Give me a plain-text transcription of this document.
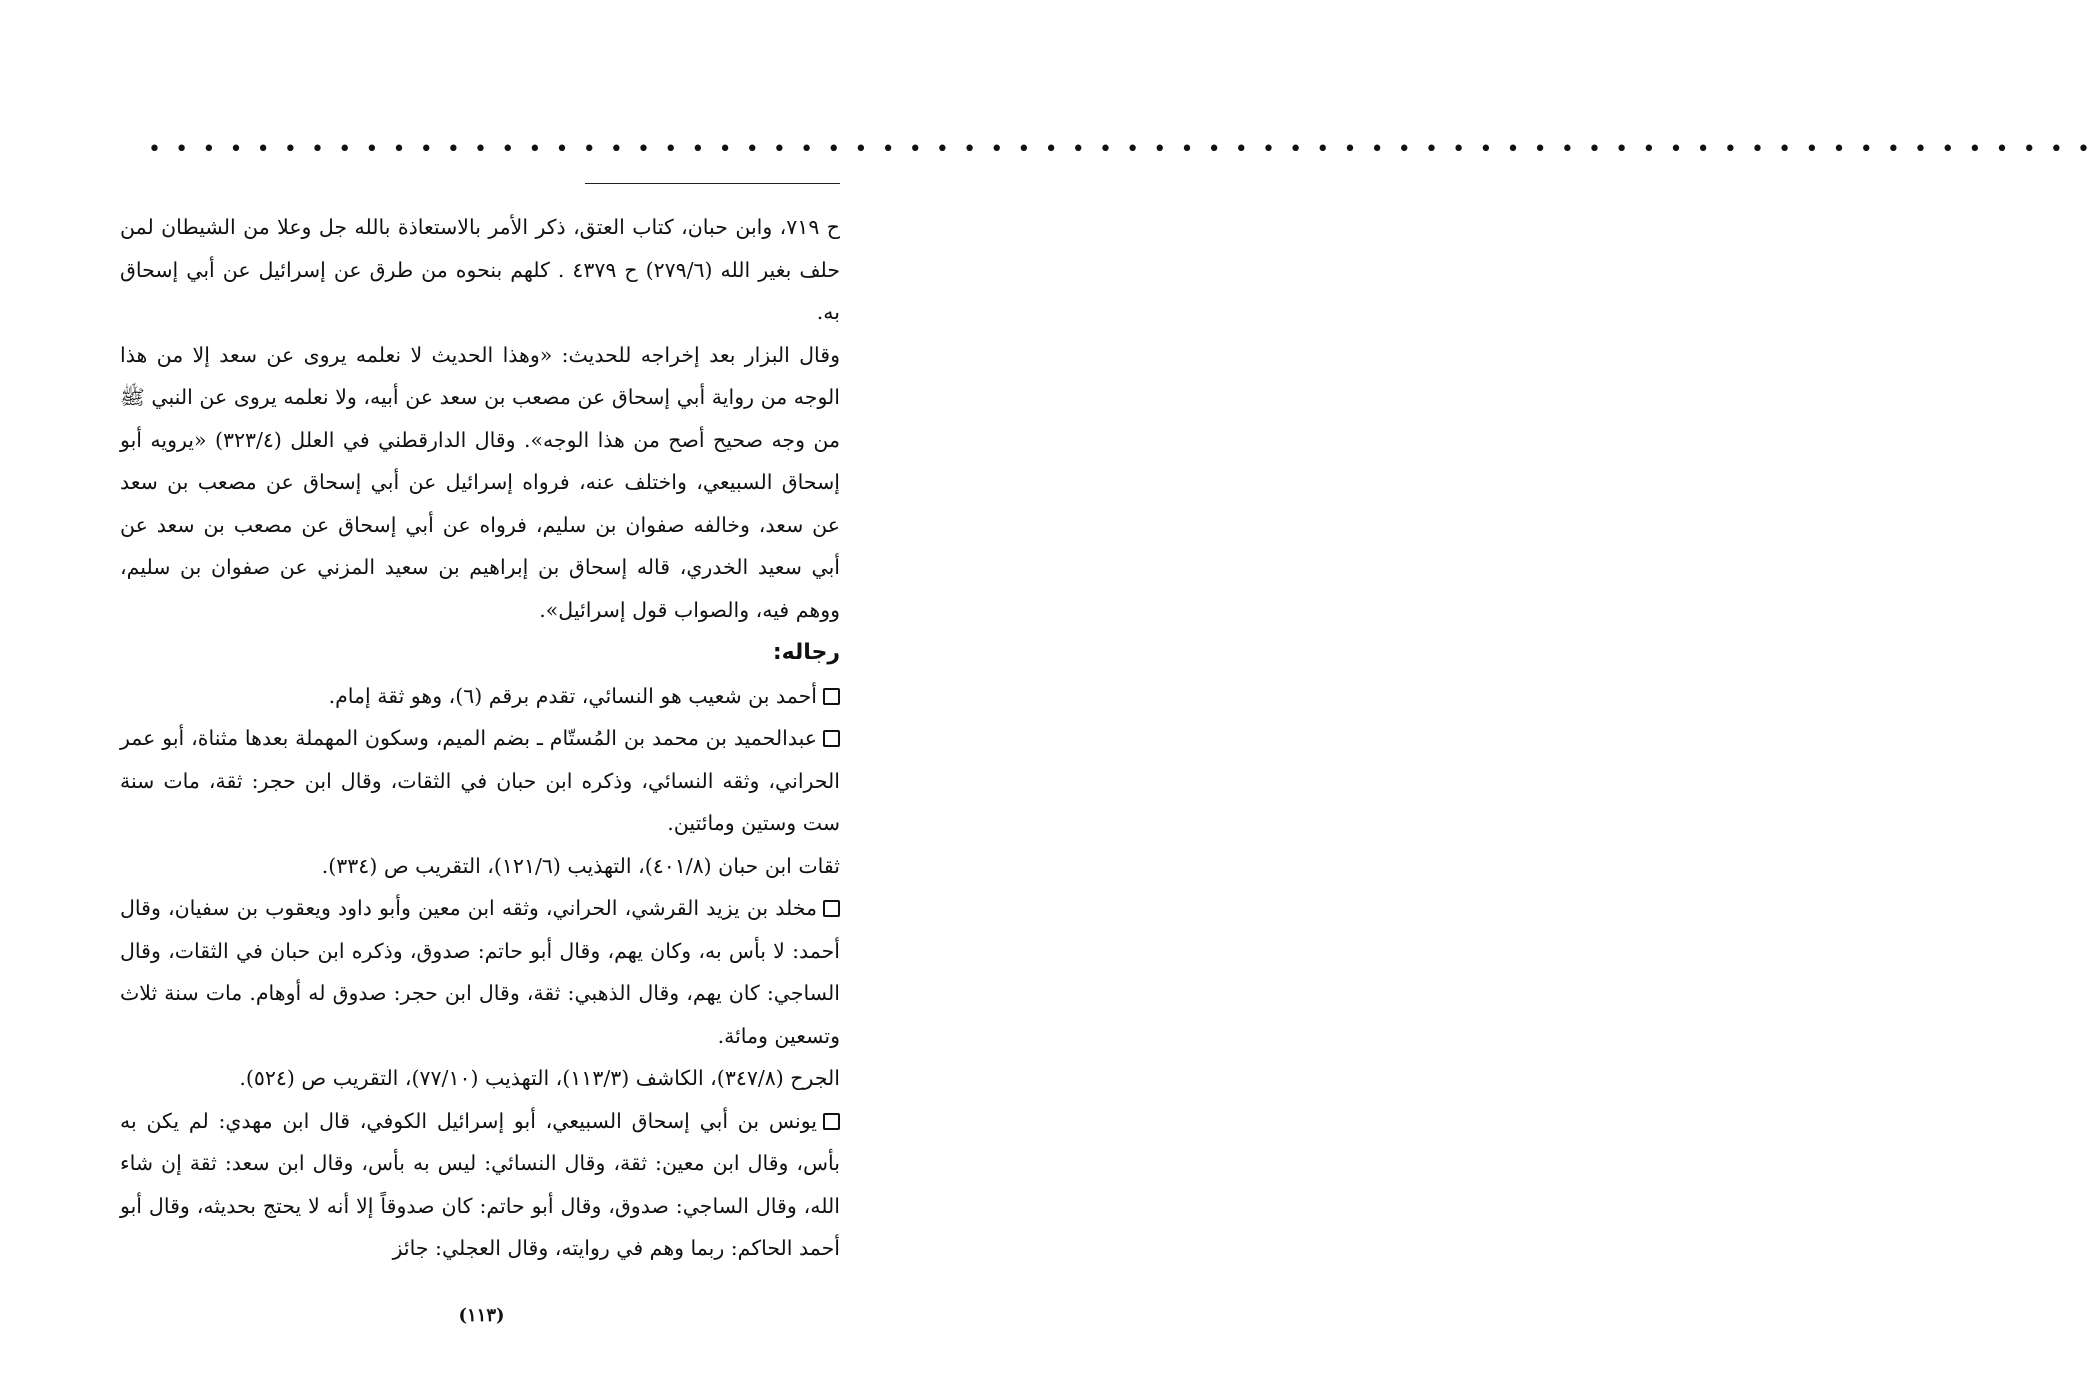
• • • • • • • • • • • • • • • • • • • • • • • • • • • • • • • • • • • • • • • • • • • • • • • • • • • • • • • • • • • • • • • • • • • • • • • •

ح ٧١٩، وابن حبان، كتاب العتق، ذكر الأمر بالاستعاذة بالله جل وعلا من الشيطان لمن حلف بغير الله (٢٧٩/٦) ح ٤٣٧٩ . كلهم بنحوه من طرق عن إسرائيل عن أبي إسحاق به.

وقال البزار بعد إخراجه للحديث: «وهذا الحديث لا نعلمه يروى عن سعد إلا من هذا الوجه من رواية أبي إسحاق عن مصعب بن سعد عن أبيه، ولا نعلمه يروى عن النبي ﷺ من وجه صحيح أصح من هذا الوجه». وقال الدارقطني في العلل (٣٢٣/٤) «يرويه أبو إسحاق السبيعي، واختلف عنه، فرواه إسرائيل عن أبي إسحاق عن مصعب بن سعد عن سعد، وخالفه صفوان بن سليم، فرواه عن أبي إسحاق عن مصعب بن سعد عن أبي سعيد الخدري، قاله إسحاق بن إبراهيم بن سعيد المزني عن صفوان بن سليم، ووهم فيه، والصواب قول إسرائيل».

رجاله:

أحمد بن شعيب هو النسائي، تقدم برقم (٦)، وهو ثقة إمام.

عبدالحميد بن محمد بن المُستّام ـ بضم الميم، وسكون المهملة بعدها مثناة، أبو عمر الحراني، وثقه النسائي، وذكره ابن حبان في الثقات، وقال ابن حجر: ثقة، مات سنة ست وستين ومائتين.

ثقات ابن حبان (٤٠١/٨)، التهذيب (١٢١/٦)، التقريب ص (٣٣٤).

مخلد بن يزيد القرشي، الحراني، وثقه ابن معين وأبو داود ويعقوب بن سفيان، وقال أحمد: لا بأس به، وكان يهم، وقال أبو حاتم: صدوق، وذكره ابن حبان في الثقات، وقال الساجي: كان يهم، وقال الذهبي: ثقة، وقال ابن حجر: صدوق له أوهام. مات سنة ثلاث وتسعين ومائة.

الجرح (٣٤٧/٨)، الكاشف (١١٣/٣)، التهذيب (٧٧/١٠)، التقريب ص (٥٢٤).

يونس بن أبي إسحاق السبيعي، أبو إسرائيل الكوفي، قال ابن مهدي: لم يكن به بأس، وقال ابن معين: ثقة، وقال النسائي: ليس به بأس، وقال ابن سعد: ثقة إن شاء الله، وقال الساجي: صدوق، وقال أبو حاتم: كان صدوقاً إلا أنه لا يحتج بحديثه، وقال أبو أحمد الحاكم: ربما وهم في روايته، وقال العجلي: جائز

(١١٣)
